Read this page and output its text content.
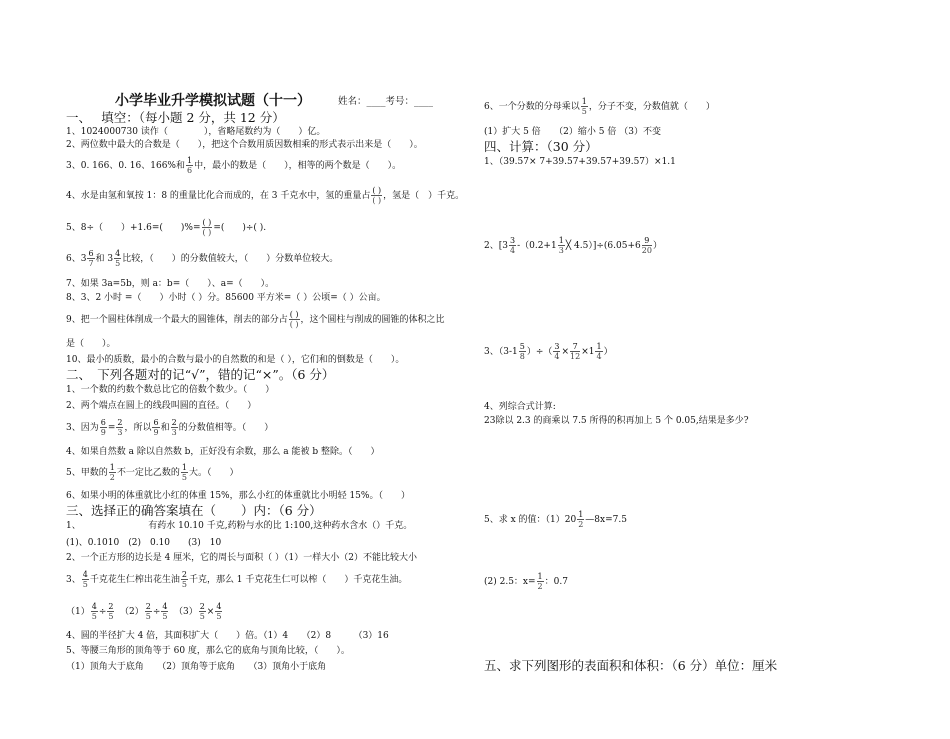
小学毕业升学模拟试题（十一）	姓名：____考号：____
一、　 填空：（每小题 2 分，共 12 分）
1、1024000730 读作（　　　　），省略尾数约为（　　）亿。
2、两位数中最大的合数是（　　），把这个合数用质因数相乘的形式表示出来是（　　）。
3、0. 166、0. 16、166%和 $\frac{1}{6}$ 中，最小的数是（　　），相等的两个数是（　　）。
4、水是由氢和氧按 1：8 的重量比化合而成的，在 3 千克水中，氢的重量占
( )
( ) ，氢是（　）千克。
5、8÷（　　）+1.6=(　　)%=
( )
( ) =(　　)÷( ).
6、$3 \frac{6}{7}$ 和 $3 \frac{4}{5}$ 比较，（　　）的分数值较大，（　　）分数单位较大。
7、如果 3a=5b，则 a：b=（　　）、a=（　　）。
8、3、2 小时 =（　　）小时（ ）分。85600 平方米=（ ）公顷=（ ）公亩。
9、把一个圆柱体削成一个最大的圆锥体，削去的部分占
( )
( ) ，这个圆柱与削成的圆锥的体积之比
是（　　）。
10、最小的质数，最小的合数与最小的自然数的和是（ ），它们和的倒数是（　　）。
二、　下列各题对的记“√”，错的记“×”。（6 分）
1、一个数的约数个数总比它的倍数个数少。（　　）
2、两个端点在圆上的线段叫圆的直径。（　　）
3、因为 $\frac{6}{9} = \frac{2}{3}$ ，所以 $\frac{6}{9}$ 和 $\frac{2}{3}$ 的分数值相等。（　　）
4、如果自然数 a 除以自然数 b，正好没有余数，那么 a 能被 b 整除。（　　）
5、甲数的 $\frac{1}{2}$ 不一定比乙数的 $\frac{1}{5}$ 大。（　　）
6、如果小明的体重就比小红的体重 15%，那么小红的体重就比小明轻 15%。（　　）
三、选择正的确答案填在（　　）内：（6 分）
1、　　　　　　　　有药水 10.10 千克,药粉与水的比 1:100,这种药水含水（）千克。
(1)、0.1010　(2)　0.10　　(3)　10
2、一个正方形的边长是 4 厘米，它的周长与面积（ ）（1）一样大小（2）不能比较大小
3、 $\frac{4}{5}$ 千克花生仁榨出花生油 $\frac{2}{5}$ 千克，那么 1 千克花生仁可以榨（　　）千克花生油。
$(1) \frac{4}{5} \div \frac{2}{5}$
　 $(2) \frac{2}{5} \div \frac{4}{5}$
　 $(3) \frac{2}{5} \times \frac{4}{5}$
4、圆的半径扩大 4 倍，其面积扩大（　　）倍。（1）4　　（2）8　　　（3）16
5、等腰三角形的顶角等于 60 度，那么它的底角与顶角比较，（　　）。
（1）顶角大于底角　　（2）顶角等于底角　　（3）顶角小于底角
6、一个分数的分母乘以 $\frac{1}{5}$ ，分子不变，分数值就（　　）
(1）扩大 5 倍　　（2）缩小 5 倍 （3）不变
四、计算：（30 分）
1、（39.57× 7+39.57+39.57+39.57）×1.1
2、[$3 \frac{3}{4} -(0.2+1 \frac{1}{3}$ ╳ $4.5)]\div(6.05+6 \frac{9}{20}$ ）
3、（$3-1 \frac{5}{8}$ ）÷（ $\frac{3}{4} \times \frac{7}{12} \times 1 \frac{1}{4}$ ）
4、列综合式计算:
23除以 2.3 的商乘以 7.5 所得的积再加上 5 个 0.05,结果是多少?
5、求 x 的值：$(1)20 \frac{1}{2}$ —8x=7.5
(2) 2.5：$x= \frac{1}{2}$ ：0.7
五、求下列图形的表面积和体积：（6 分）单位：厘米
